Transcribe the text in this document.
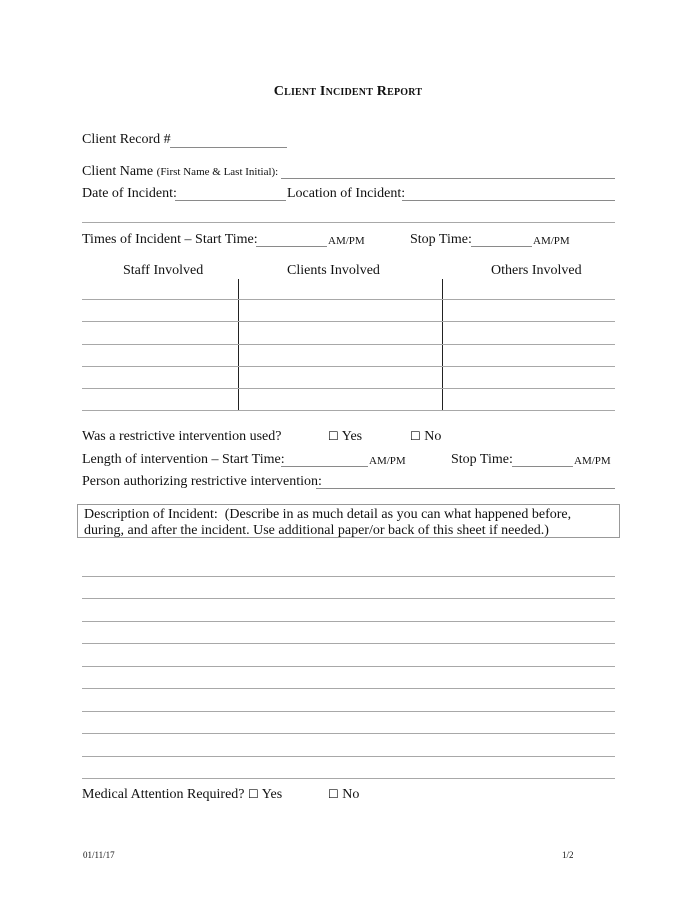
Client Incident Report
Client Record #
Client Name (First Name & Last Initial):
Date of Incident:	Location of Incident:
Times of Incident – Start Time:	AM/PM	Stop Time:	AM/PM
Staff Involved	Clients Involved	Others Involved
Was a restrictive intervention used?	☐ Yes	☐ No
Length of intervention – Start Time:	AM/PM	Stop Time:	AM/PM
Person authorizing restrictive intervention:
Description of Incident: (Describe in as much detail as you can what happened before, during, and after the incident. Use additional paper/or back of this sheet if needed.)
Medical Attention Required? ☐ Yes	☐ No
01/11/17	1/2
